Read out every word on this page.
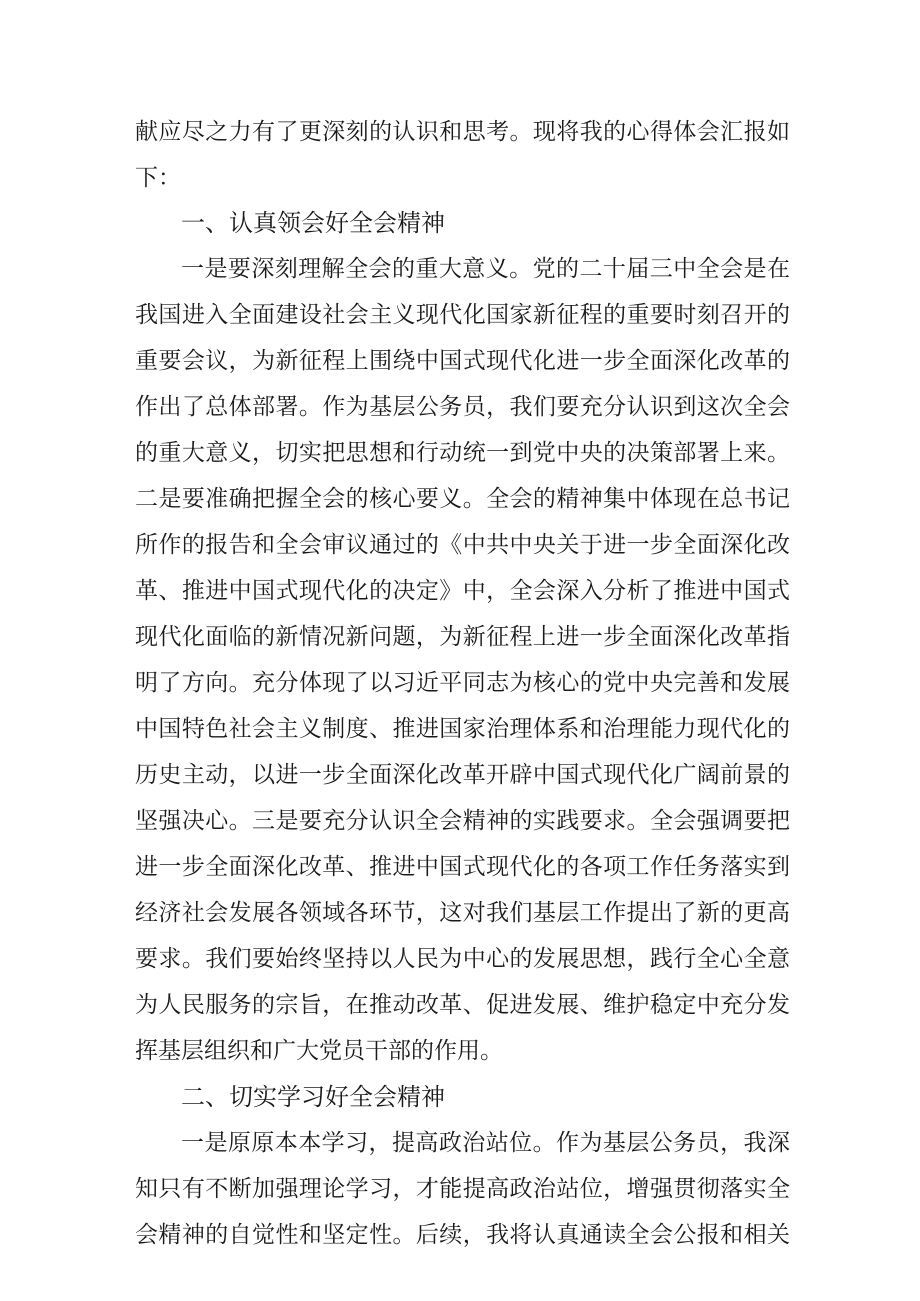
献应尽之力有了更深刻的认识和思考。现将我的心得体会汇报如
下：
一、认真领会好全会精神
一是要深刻理解全会的重大意义。党的二十届三中全会是在
我国进入全面建设社会主义现代化国家新征程的重要时刻召开的
重要会议，为新征程上围绕中国式现代化进一步全面深化改革的
作出了总体部署。作为基层公务员，我们要充分认识到这次全会
的重大意义，切实把思想和行动统一到党中央的决策部署上来。
二是要准确把握全会的核心要义。全会的精神集中体现在总书记
所作的报告和全会审议通过的《中共中央关于进一步全面深化改
革、推进中国式现代化的决定》中，全会深入分析了推进中国式
现代化面临的新情况新问题，为新征程上进一步全面深化改革指
明了方向。充分体现了以习近平同志为核心的党中央完善和发展
中国特色社会主义制度、推进国家治理体系和治理能力现代化的
历史主动，以进一步全面深化改革开辟中国式现代化广阔前景的
坚强决心。三是要充分认识全会精神的实践要求。全会强调要把
进一步全面深化改革、推进中国式现代化的各项工作任务落实到
经济社会发展各领域各环节，这对我们基层工作提出了新的更高
要求。我们要始终坚持以人民为中心的发展思想，践行全心全意
为人民服务的宗旨，在推动改革、促进发展、维护稳定中充分发
挥基层组织和广大党员干部的作用。
二、切实学习好全会精神
一是原原本本学习，提高政治站位。作为基层公务员，我深
知只有不断加强理论学习，才能提高政治站位，增强贯彻落实全
会精神的自觉性和坚定性。后续，我将认真通读全会公报和相关
